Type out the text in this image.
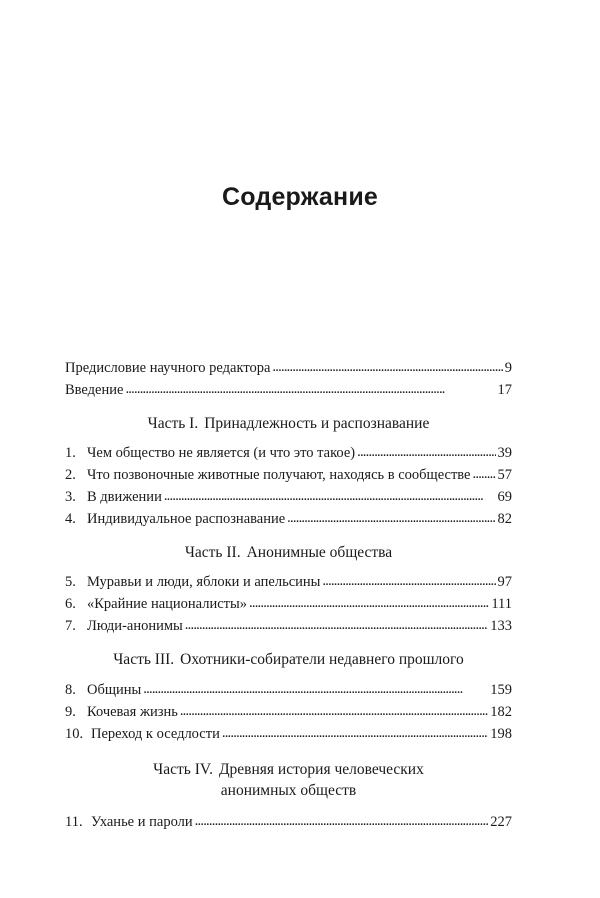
Содержание
Предисловие научного редактора . . .	9
Введение . . .	17
Часть I. Принадлежность и распознавание
1. Чем общество не является (и что это такое) . . .	39
2. Что позвоночные животные получают, находясь в сообществе . . . 57
3. В движении . . .	69
4. Индивидуальное распознавание . . .	82
Часть II. Анонимные общества
5. Муравьи и люди, яблоки и апельсины . . .	97
6. «Крайние националисты» . . .	111
7. Люди-анонимы . . .	133
Часть III. Охотники-собиратели недавнего прошлого
8. Общины . . .	159
9. Кочевая жизнь . . .	182
10. Переход к оседлости . . .	198
Часть IV. Древняя история человеческих
анонимных обществ
11. Уханье и пароли . . .	227
